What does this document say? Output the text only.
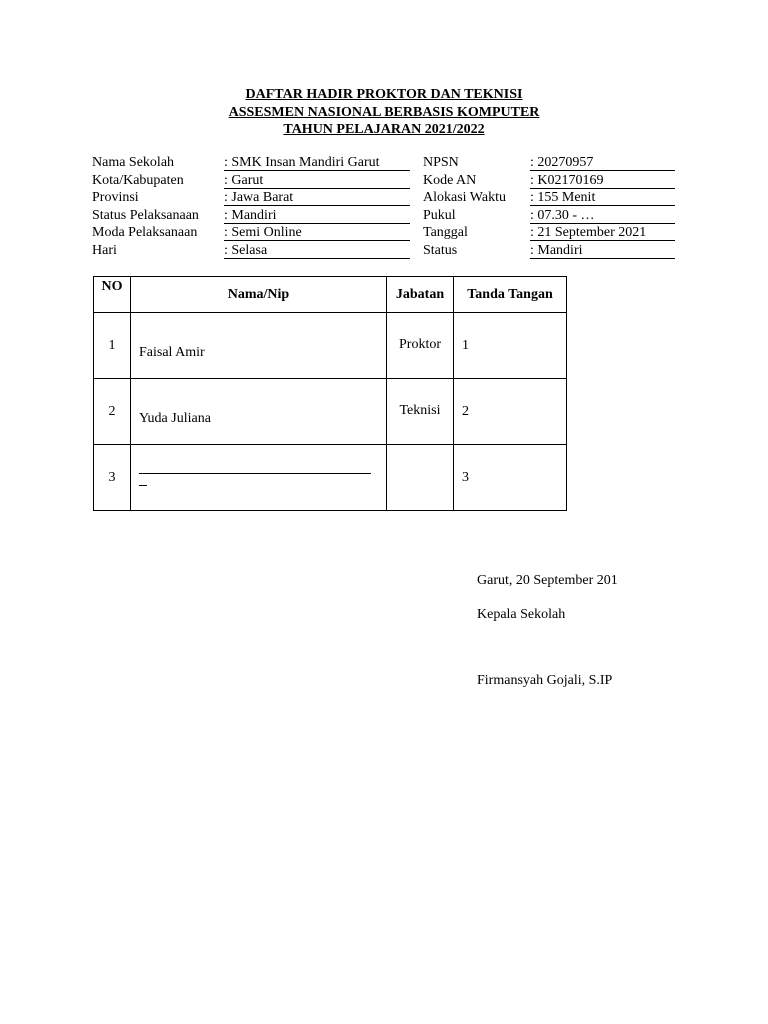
DAFTAR HADIR PROKTOR DAN TEKNISI
ASSESMEN NASIONAL BERBASIS KOMPUTER
TAHUN PELAJARAN 2021/2022
Nama Sekolah	: SMK Insan Mandiri Garut	NPSN	: 20270957
Kota/Kabupaten	: Garut	Kode AN	: K02170169
Provinsi	: Jawa Barat	Alokasi Waktu : 155 Menit
Status Pelaksanaan : Mandiri	Pukul	: 07.30 - …
Moda Pelaksanaan : Semi Online	Tanggal	: 21 September 2021
Hari	: Selasa	Status	: Mandiri
NO	Nama/Nip	Jabatan	Tanda Tangan

1	Faisal Amir	Proktor	1

2	Yuda Juliana	Teknisi	2

3			3
Garut, 20 September 201
Kepala Sekolah
Firmansyah Gojali, S.IP
